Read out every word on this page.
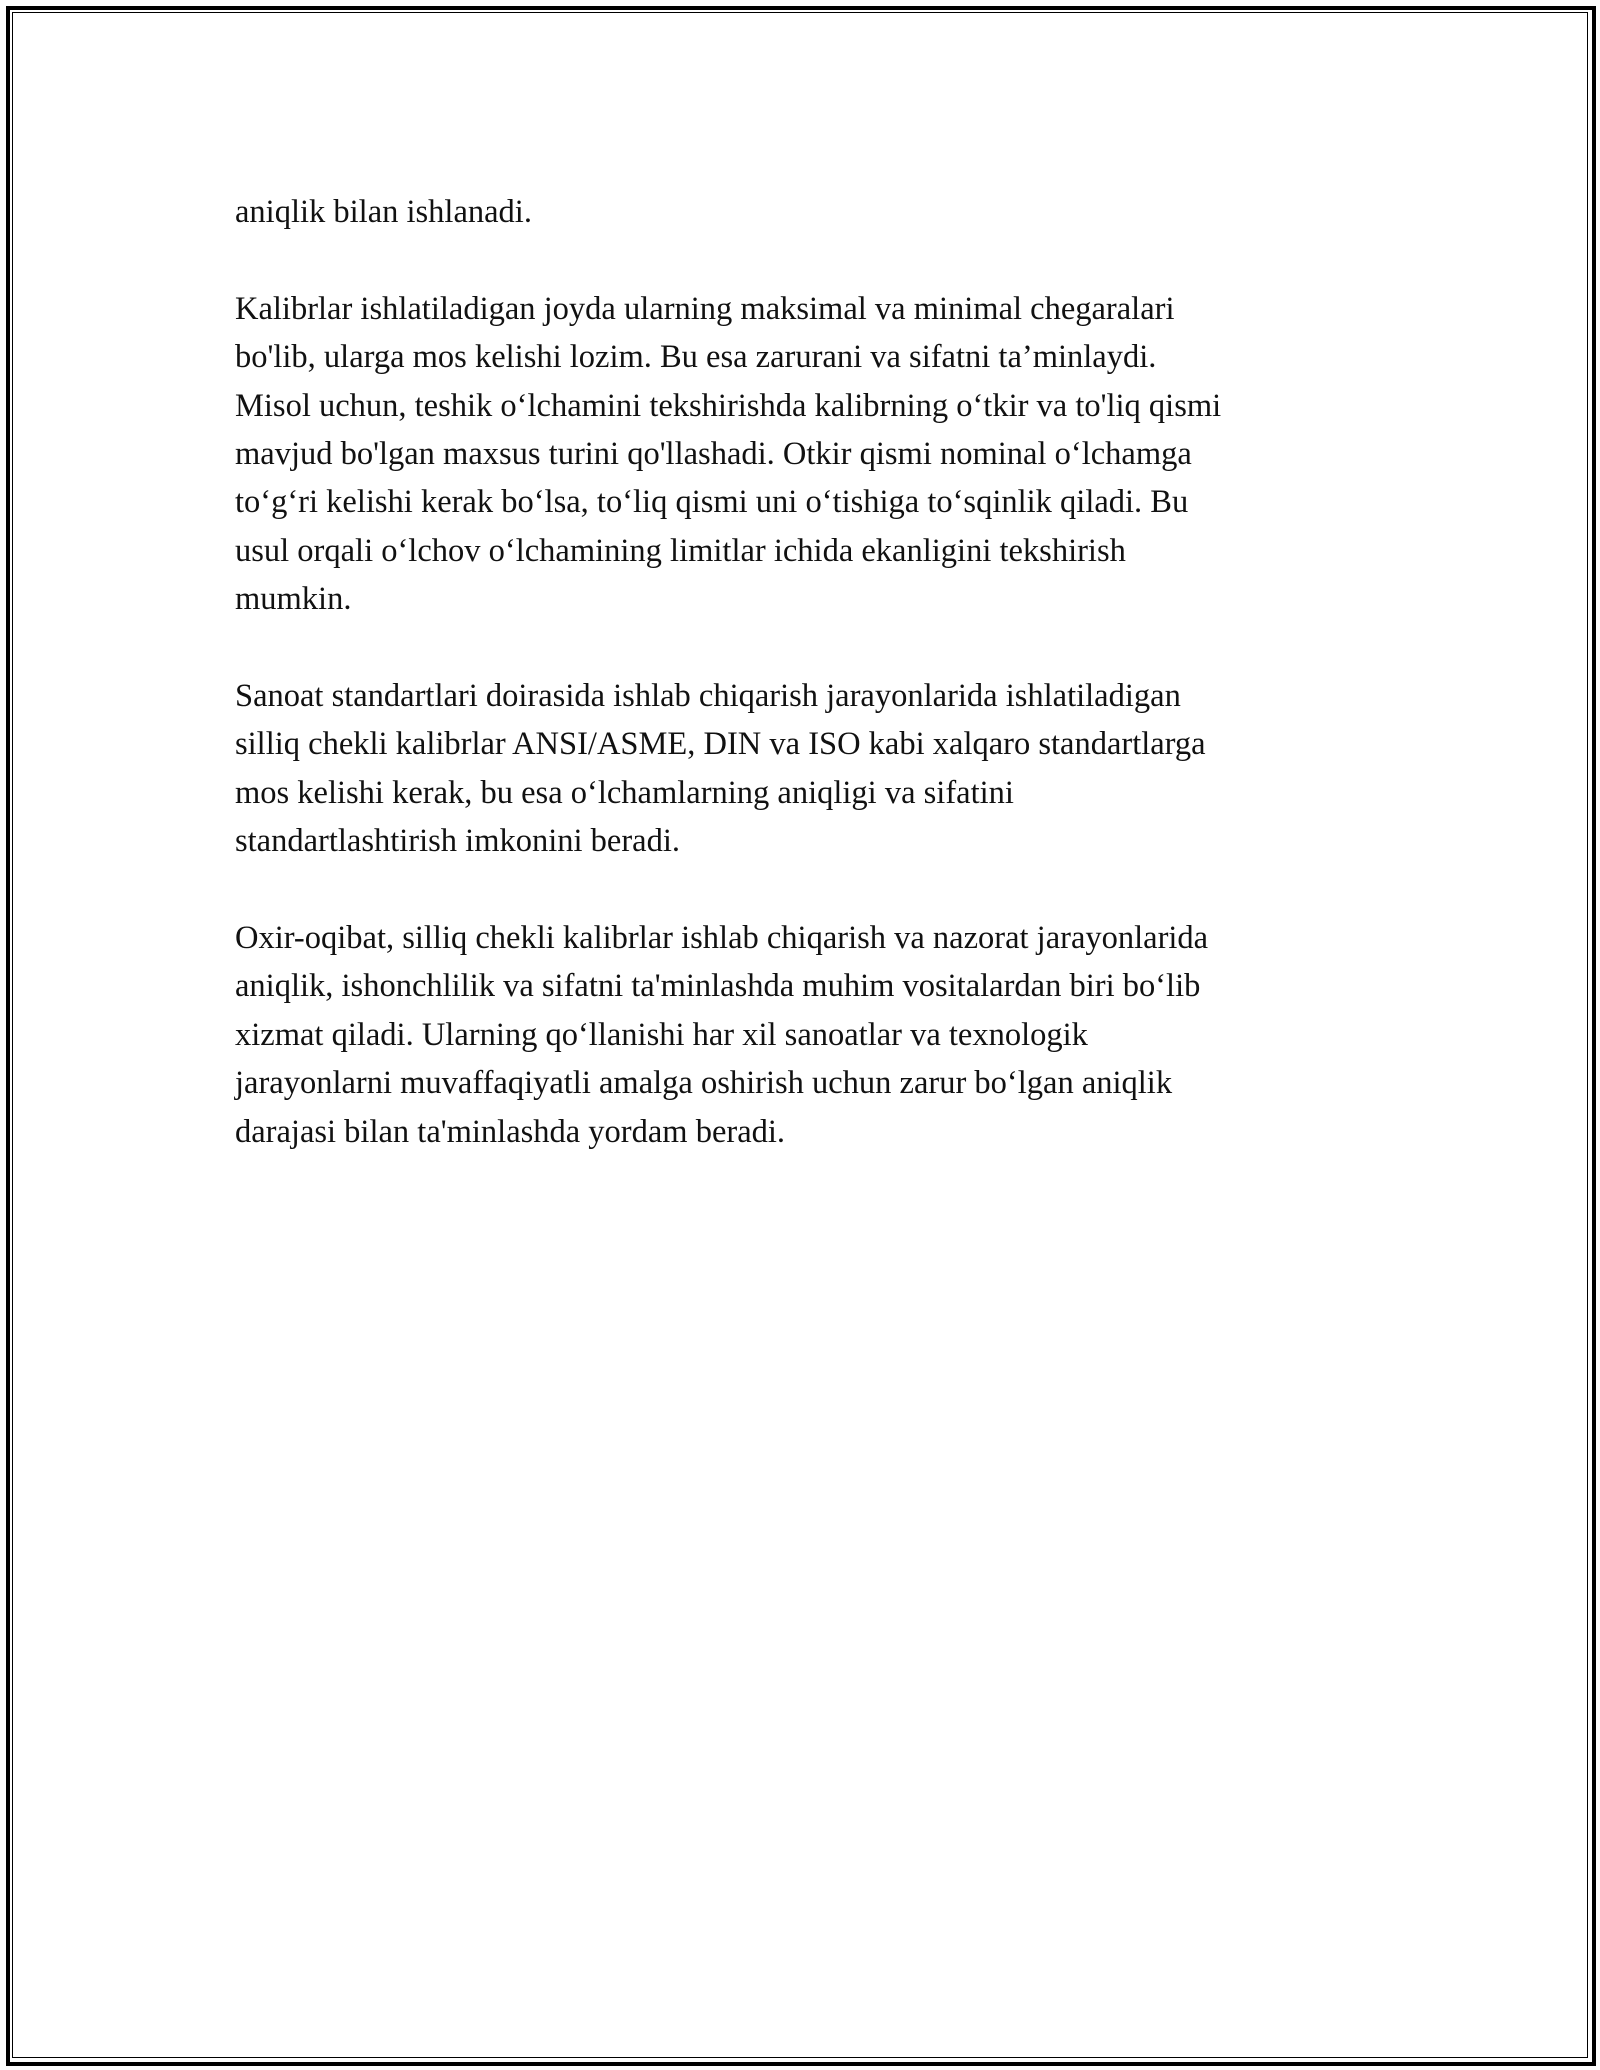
aniqlik bilan ishlanadi.

Kalibrlar ishlatiladigan joyda ularning maksimal va minimal chegaralari
bo'lib, ularga mos kelishi lozim. Bu esa zarurani va sifatni ta’minlaydi.
Misol uchun, teshik oʻlchamini tekshirishda kalibrning oʻtkir va to'liq qismi
mavjud bo'lgan maxsus turini qo'llashadi. Otkir qismi nominal oʻlchamga
toʻgʻri kelishi kerak boʻlsa, toʻliq qismi uni oʻtishiga toʻsqinlik qiladi. Bu
usul orqali oʻlchov oʻlchamining limitlar ichida ekanligini tekshirish
mumkin.

Sanoat standartlari doirasida ishlab chiqarish jarayonlarida ishlatiladigan
silliq chekli kalibrlar ANSI/ASME, DIN va ISO kabi xalqaro standartlarga
mos kelishi kerak, bu esa oʻlchamlarning aniqligi va sifatini
standartlashtirish imkonini beradi.

Oxir-oqibat, silliq chekli kalibrlar ishlab chiqarish va nazorat jarayonlarida
aniqlik, ishonchlilik va sifatni ta'minlashda muhim vositalardan biri boʻlib
xizmat qiladi. Ularning qoʻllanishi har xil sanoatlar va texnologik
jarayonlarni muvaffaqiyatli amalga oshirish uchun zarur boʻlgan aniqlik
darajasi bilan ta'minlashda yordam beradi.
